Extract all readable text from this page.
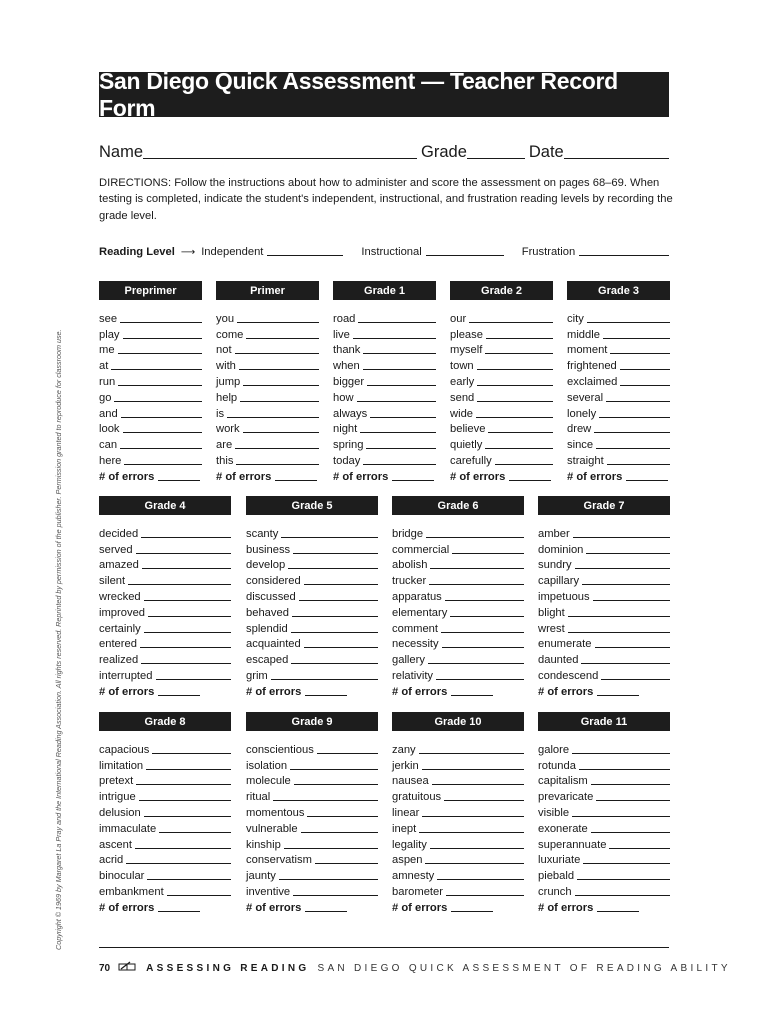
San Diego Quick Assessment — Teacher Record Form
Name	Grade	Date
DIRECTIONS: Follow the instructions about how to administer and score the assessment on pages 68–69. When testing is completed, indicate the student's independent, instructional, and frustration reading levels by recording the grade level.
Reading Level ⟶ Independent	Instructional	Frustration
Preprimer
see
play
me
at
run
go
and
look
can
here
# of errors
Primer
you
come
not
with
jump
help
is
work
are
this
# of errors
Grade 1
road
live
thank
when
bigger
how
always
night
spring
today
# of errors
Grade 2
our
please
myself
town
early
send
wide
believe
quietly
carefully
# of errors
Grade 3
city
middle
moment
frightened
exclaimed
several
lonely
drew
since
straight
# of errors
Grade 4
decided
served
amazed
silent
wrecked
improved
certainly
entered
realized
interrupted
# of errors
Grade 5
scanty
business
develop
considered
discussed
behaved
splendid
acquainted
escaped
grim
# of errors
Grade 6
bridge
commercial
abolish
trucker
apparatus
elementary
comment
necessity
gallery
relativity
# of errors
Grade 7
amber
dominion
sundry
capillary
impetuous
blight
wrest
enumerate
daunted
condescend
# of errors
Grade 8
capacious
limitation
pretext
intrigue
delusion
immaculate
ascent
acrid
binocular
embankment
# of errors
Grade 9
conscientious
isolation
molecule
ritual
momentous
vulnerable
kinship
conservatism
jaunty
inventive
# of errors
Grade 10
zany
jerkin
nausea
gratuitous
linear
inept
legality
aspen
amnesty
barometer
# of errors
Grade 11
galore
rotunda
capitalism
prevaricate
visible
exonerate
superannuate
luxuriate
piebald
crunch
# of errors
Copyright © 1969 by Margaret La Pray and the International Reading Association. All rights reserved. Reprinted by permission of the publisher. Permission granted to reproduce for classroom use.
70	ASSESSING READING SAN DIEGO QUICK ASSESSMENT OF READING ABILITY
